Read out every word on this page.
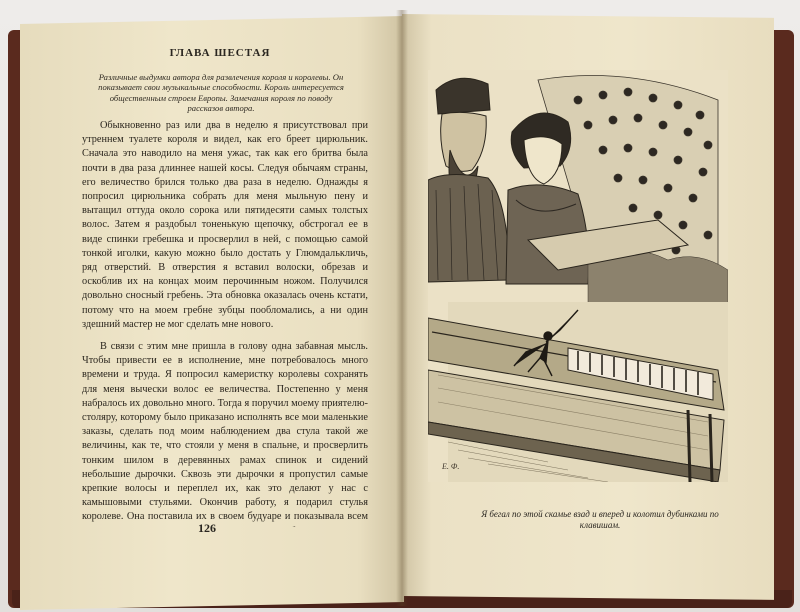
ГЛАВА ШЕСТАЯ

Различные выдумки автора для развлечения короля и королевы. Он показывает свои музыкальные способности. Король интересуется общественным строем Европы. Замечания короля по поводу рассказов автора.

Обыкновенно раз или два в неделю я присутствовал при утреннем туалете короля и видел, как его бреет цирюльник. Сначала это наводило на меня ужас, так как его бритва была почти в два раза длиннее нашей косы. Следуя обычаям страны, его величество брился только два раза в неделю. Однажды я попросил цирюльника собрать для меня мыльную пену и вытащил оттуда около сорока или пятидесяти самых толстых волос. Затем я раздобыл тоненькую щепочку, обстрогал ее в виде спинки гребешка и просверлил в ней, с помощью самой тонкой иголки, какую можно было достать у Глюмдалькличь, ряд отверстий. В отверстия я вставил волоски, обрезав и оскоблив их на концах моим перочинным ножом. Получился довольно сносный гребень. Эта обновка оказалась очень кстати, потому что на моем гребне зубцы пообломались, а ни один здешний мастер не мог сделать мне нового.

В связи с этим мне пришла в голову одна забавная мысль. Чтобы привести ее в исполнение, мне потребовалось много времени и труда. Я попросил камеристку королевы сохранять для меня вычески волос ее величества. Постепенно у меня набралось их довольно много. Тогда я поручил моему приятелю-столяру, которому было приказано исполнять все мои маленькие заказы, сделать под моим наблюдением два стула такой же величины, как те, что стояли у меня в спальне, и просверлить тонким шилом в деревянных рамах спинок и сидений небольшие дырочки. Сквозь эти дырочки я пропустил самые крепкие волосы и переплел их, как это делают у нас с камышовыми стульями. Окончив работу, я подарил стулья королеве. Она поставила их в своем будуаре и показывала всем

126
Е. Ф.

Я бегал по этой скамье взад и вперед и колотил дубинками по клавишам.
